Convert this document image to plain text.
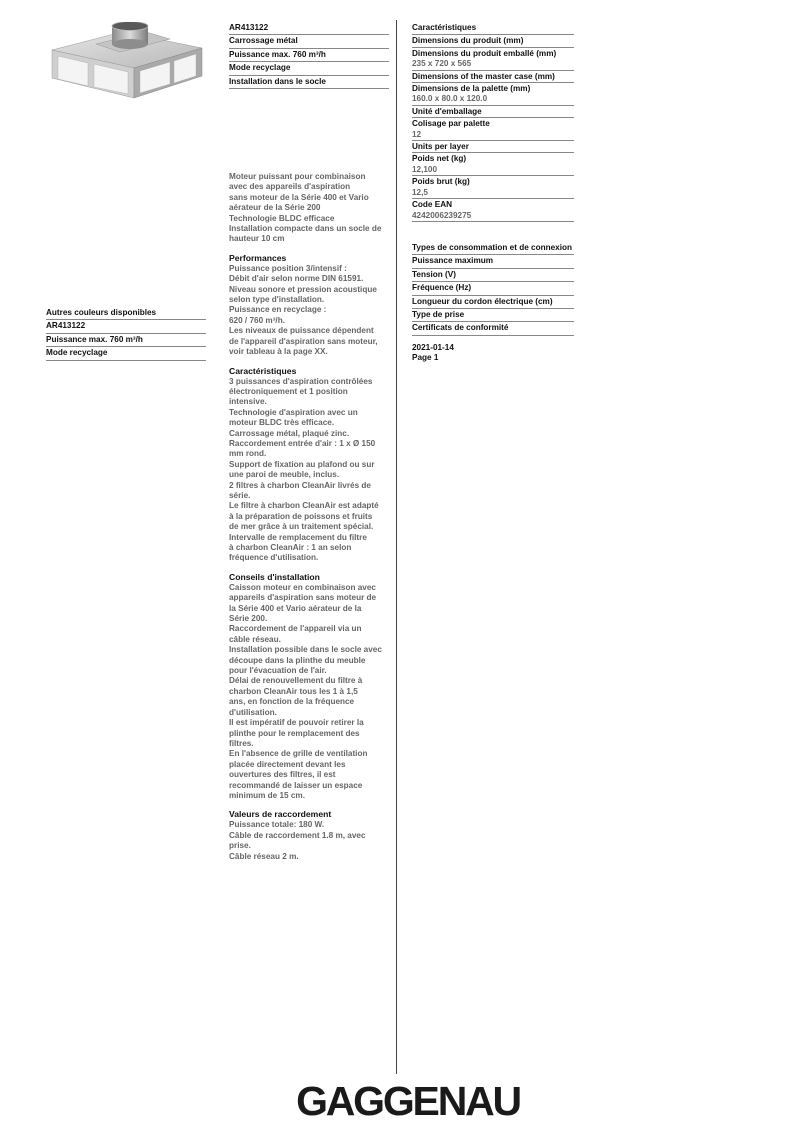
Autres couleurs disponibles
AR413122
Puissance max. 760 m³/h
Mode recyclage
AR413122
Carrossage métal
Puissance max. 760 m³/h
Mode recyclage
Installation dans le socle

Moteur puissant pour combinaison

avec des appareils d'aspiration

sans moteur de la Série 400 et Vario

aérateur de la Série 200

Technologie BLDC efficace

Installation compacte dans un socle de

hauteur 10 cm

Performances

Puissance position 3/intensif :

Débit d'air selon norme DIN 61591.

Niveau sonore et pression acoustique

selon type d'installation.

Puissance en recyclage :

620 / 760 m³/h.

Les niveaux de puissance dépendent

de l'appareil d'aspiration sans moteur,

voir tableau à la page XX.

Caractéristiques

3 puissances d'aspiration contrôlées

électroniquement et 1 position

intensive.

Technologie d'aspiration avec un

moteur BLDC très efficace.

Carrossage métal, plaqué zinc.

Raccordement entrée d'air : 1 x Ø 150

mm rond.

Support de fixation au plafond ou sur

une paroi de meuble, inclus.

2 filtres à charbon CleanAir livrés de

série.

Le filtre à charbon CleanAir est adapté

à la préparation de poissons et fruits

de mer grâce à un traitement spécial.

Intervalle de remplacement du filtre

à charbon CleanAir : 1 an selon

fréquence d'utilisation.

Conseils d'installation

Caisson moteur en combinaison avec

appareils d'aspiration sans moteur de

la Série 400 et Vario aérateur de la

Série 200.

Raccordement de l'appareil via un

câble réseau.

Installation possible dans le socle avec

découpe dans la plinthe du meuble

pour l'évacuation de l'air.

Délai de renouvellement du filtre à

charbon CleanAir tous les 1 à 1,5

ans, en fonction de la fréquence

d'utilisation.

Il est impératif de pouvoir retirer la

plinthe pour le remplacement des

filtres.

En l'absence de grille de ventilation

placée directement devant les

ouvertures des filtres, il est

recommandé de laisser un espace

minimum de 15 cm.

Valeurs de raccordement

Puissance totale: 180 W.

Câble de raccordement 1.8 m, avec

prise.

Câble réseau 2 m.

Caractéristiques
Dimensions du produit (mm)
Dimensions du produit emballé (mm)
235 x 720 x 565
Dimensions of the master case (mm)
Dimensions de la palette (mm)
160.0 x 80.0 x 120.0
Unité d'emballage
Colisage par palette
12
Units per layer
Poids net (kg)
12,100
Poids brut (kg)
12,5
Code EAN
4242006239275
Types de consommation et de connexion
Puissance maximum
Tension (V)
Fréquence (Hz)
Longueur du cordon électrique (cm)
Type de prise
Certificats de conformité
2021-01-14
Page 1
GAGGENAU
